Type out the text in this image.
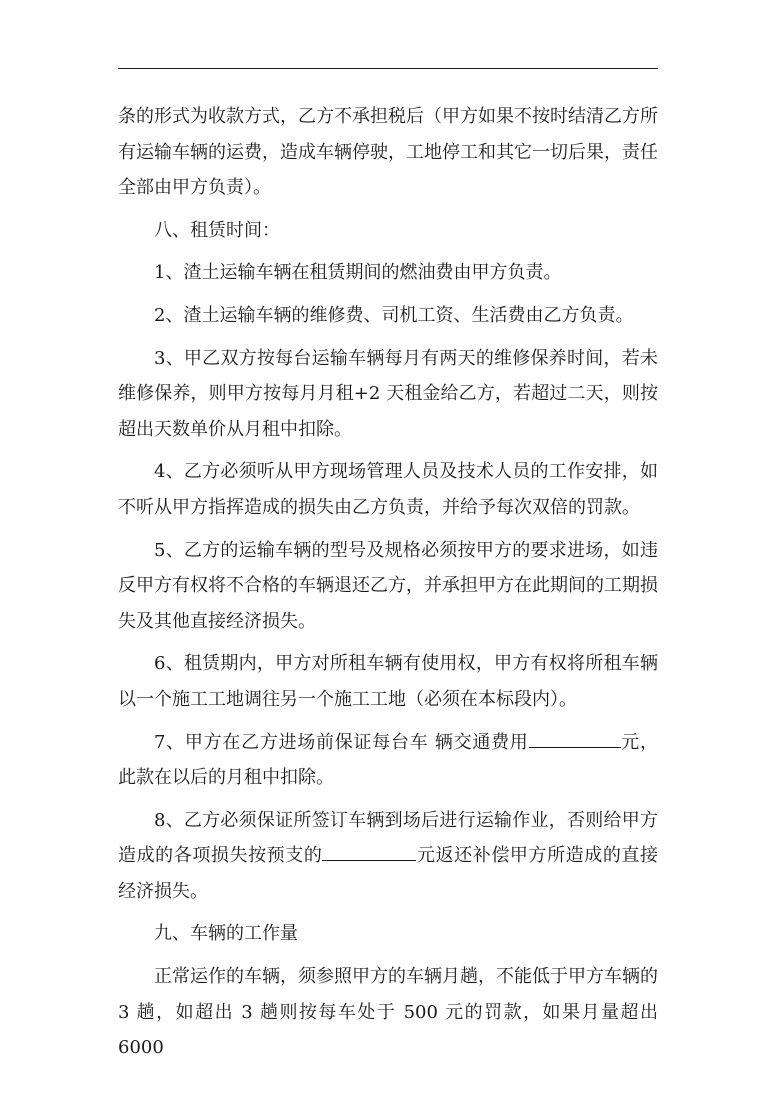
条的形式为收款方式，乙方不承担税后（甲方如果不按时结清乙方所有运输车辆的运费，造成车辆停驶，工地停工和其它一切后果，责任全部由甲方负责）。

八、租赁时间：

1、渣土运输车辆在租赁期间的燃油费由甲方负责。

2、渣土运输车辆的维修费、司机工资、生活费由乙方负责。

3、甲乙双方按每台运输车辆每月有两天的维修保养时间，若未维修保养，则甲方按每月月租+2 天租金给乙方，若超过二天，则按超出天数单价从月租中扣除。

4、乙方必须听从甲方现场管理人员及技术人员的工作安排，如不听从甲方指挥造成的损失由乙方负责，并给予每次双倍的罚款。

5、乙方的运输车辆的型号及规格必须按甲方的要求进场，如违反甲方有权将不合格的车辆退还乙方，并承担甲方在此期间的工期损失及其他直接经济损失。

6、租赁期内，甲方对所租车辆有使用权，甲方有权将所租车辆以一个施工工地调往另一个施工工地（必须在本标段内）。

7、甲方在乙方进场前保证每台车 辆交通费用	元，此款在以后的月租中扣除。

8、乙方必须保证所签订车辆到场后进行运输作业，否则给甲方造成的各项损失按预支的	元返还补偿甲方所造成的直接经济损失。

九、车辆的工作量

正常运作的车辆，须参照甲方的车辆月趟，不能低于甲方车辆的3 趟，如超出 3 趟则按每车处于 500 元的罚款，如果月量超出 6000
